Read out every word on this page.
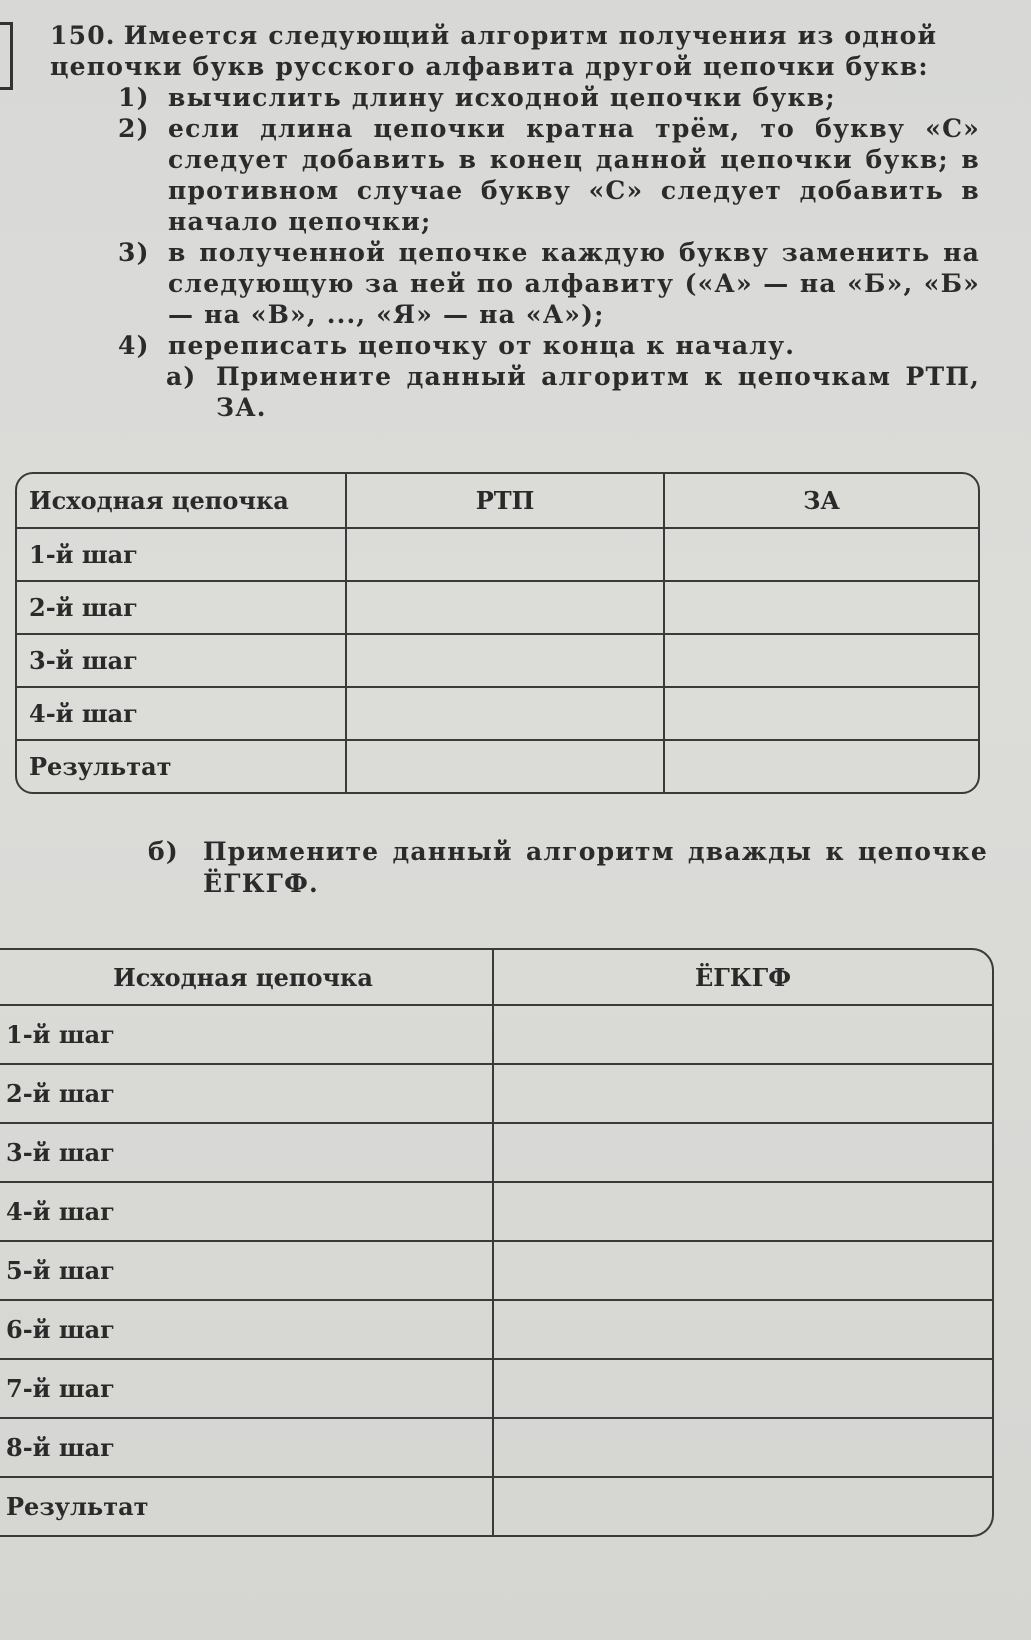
150. Имеется следующий алгоритм получения из одной цепочки букв русского алфавита другой цепочки букв:
1) вычислить длину исходной цепочки букв;
2) если длина цепочки кратна трём, то букву «С» следует добавить в конец данной цепочки букв; в противном случае букву «С» следует добавить в начало цепочки;
3) в полученной цепочке каждую букву заменить на следующую за ней по алфавиту («А» — на «Б», «Б» — на «В», ..., «Я» — на «А»);
4) переписать цепочку от конца к началу.
а) Примените данный алгоритм к цепочкам РТП, ЗА.
Исходная цепочка	РТП	ЗА
1-й шаг		
2-й шаг		
3-й шаг		
4-й шаг		
Результат		
б) Примените данный алгоритм дважды к цепочке ЁГКГФ.
Исходная цепочка	ЁГКГФ
1-й шаг	
2-й шаг	
3-й шаг	
4-й шаг	
5-й шаг	
6-й шаг	
7-й шаг	
8-й шаг	
Результат	
